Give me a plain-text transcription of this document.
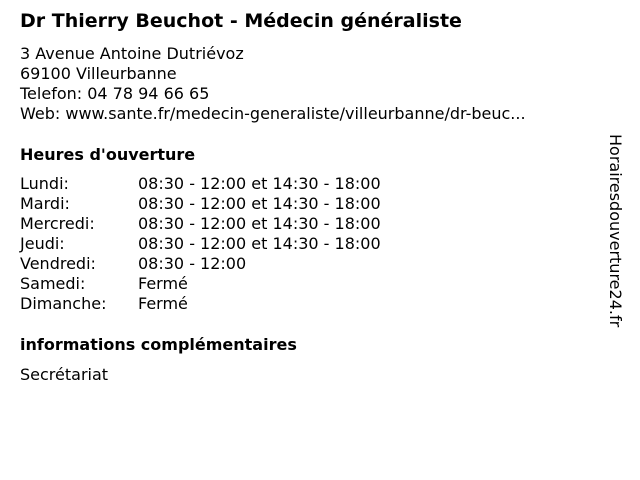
Dr Thierry Beuchot - Médecin généraliste
3 Avenue Antoine Dutriévoz
69100 Villeurbanne
Telefon: 04 78 94 66 65
Web: www.sante.fr/medecin-generaliste/villeurbanne/dr-beuc...
Heures d'ouverture
Lundi:	08:30 - 12:00 et 14:30 - 18:00
Mardi:	08:30 - 12:00 et 14:30 - 18:00
Mercredi:	08:30 - 12:00 et 14:30 - 18:00
Jeudi:	08:30 - 12:00 et 14:30 - 18:00
Vendredi:	08:30 - 12:00
Samedi:	Fermé
Dimanche:	Fermé
informations complémentaires
Secrétariat
Horairesdouverture24.fr
